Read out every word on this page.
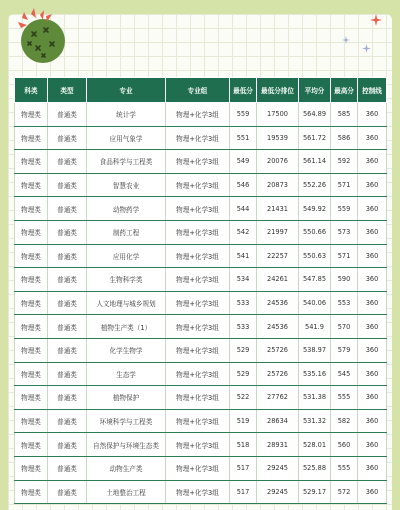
科类	类型	专业	专业组	最低分	最低分排位	平均分	最高分	控制线
物理类	普通类	统计学	物理+化学3组	559	17500	564.89	585	360
物理类	普通类	应用气象学	物理+化学3组	551	19539	561.72	586	360
物理类	普通类	食品科学与工程类	物理+化学3组	549	20076	561.14	592	360
物理类	普通类	智慧农业	物理+化学3组	546	20873	552.26	571	360
物理类	普通类	动物药学	物理+化学3组	544	21431	549.92	559	360
物理类	普通类	制药工程	物理+化学3组	542	21997	550.66	573	360
物理类	普通类	应用化学	物理+化学3组	541	22257	550.63	571	360
物理类	普通类	生物科学类	物理+化学3组	534	24261	547.85	590	360
物理类	普通类	人文地理与城乡规划	物理+化学3组	533	24536	540.06	553	360
物理类	普通类	植物生产类（1）	物理+化学3组	533	24536	541.9	570	360
物理类	普通类	化学生物学	物理+化学3组	529	25726	538.97	579	360
物理类	普通类	生态学	物理+化学3组	529	25726	535.16	545	360
物理类	普通类	植物保护	物理+化学3组	522	27762	531.38	555	360
物理类	普通类	环境科学与工程类	物理+化学3组	519	28634	531.32	582	360
物理类	普通类	自然保护与环境生态类	物理+化学3组	518	28931	528.01	560	360
物理类	普通类	动物生产类	物理+化学3组	517	29245	525.88	555	360
物理类	普通类	土地整治工程	物理+化学3组	517	29245	529.17	572	360
